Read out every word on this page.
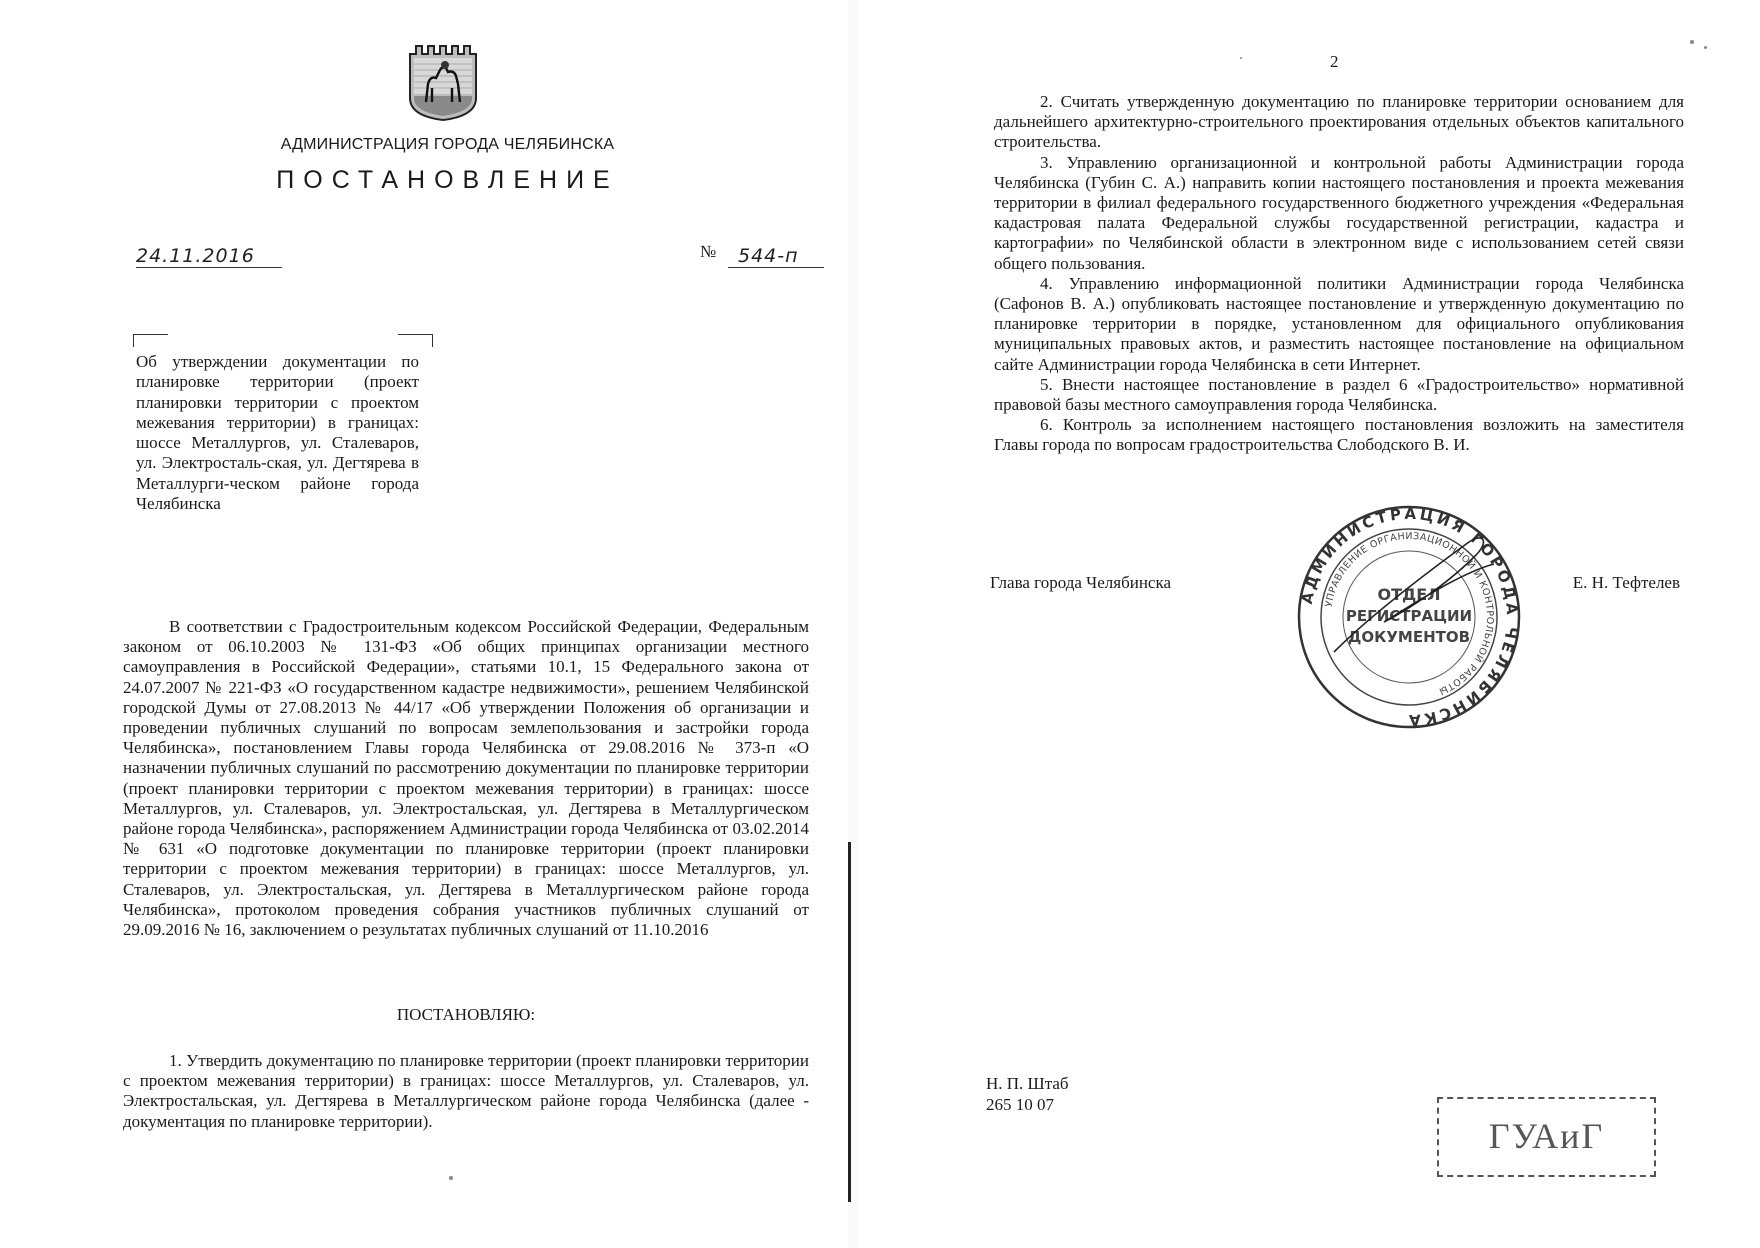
АДМИНИСТРАЦИЯ ГОРОДА ЧЕЛЯБИНСКА
ПОСТАНОВЛЕНИЕ
24.11.2016	№	544-п
Об утверждении документации по планировке территории (проект планировки территории с проектом межевания территории) в границах: шоссе Металлургов, ул. Сталеваров, ул. Электросталь-ская, ул. Дегтярева в Металлурги-ческом районе города Челябинска

В соответствии с Градостроительным кодексом Российской Федерации, Федеральным законом от 06.10.2003 № 131-ФЗ «Об общих принципах организации местного самоуправления в Российской Федерации», статьями 10.1, 15 Федерального закона от 24.07.2007 № 221-ФЗ «О государственном кадастре недвижимости», решением Челябинской городской Думы от 27.08.2013 № 44/17 «Об утверждении Положения об организации и проведении публичных слушаний по вопросам землепользования и застройки города Челябинска», постановлением Главы города Челябинска от 29.08.2016 № 373-п «О назначении публичных слушаний по рассмотрению документации по планировке территории (проект планировки территории с проектом межевания территории) в границах: шоссе Металлургов, ул. Сталеваров, ул. Электростальская, ул. Дегтярева в Металлургическом районе города Челябинска», распоряжением Администрации города Челябинска от 03.02.2014 № 631 «О подготовке документации по планировке территории (проект планировки территории с проектом межевания территории) в границах: шоссе Металлургов, ул. Сталеваров, ул. Электростальская, ул. Дегтярева в Металлургическом районе города Челябинска», протоколом проведения собрания участников публичных слушаний от 29.09.2016 № 16, заключением о результатах публичных слушаний от 11.10.2016

ПОСТАНОВЛЯЮ:

1. Утвердить документацию по планировке территории (проект планировки территории с проектом межевания территории) в границах: шоссе Металлургов, ул. Сталеваров, ул. Электростальская, ул. Дегтярева в Металлургическом районе города Челябинска (далее - документация по планировке территории).

2

2. Считать утвержденную документацию по планировке территории основанием для дальнейшего архитектурно-строительного проектирования отдельных объектов капитального строительства.

3. Управлению организационной и контрольной работы Администрации города Челябинска (Губин С. А.) направить копии настоящего постановления и проекта межевания территории в филиал федерального государственного бюджетного учреждения «Федеральная кадастровая палата Федеральной службы государственной регистрации, кадастра и картографии» по Челябинской области в электронном виде с использованием сетей связи общего пользования.

4. Управлению информационной политики Администрации города Челябинска (Сафонов В. А.) опубликовать настоящее постановление и утвержденную документацию по планировке территории в порядке, установленном для официального опубликования муниципальных правовых актов, и разместить настоящее постановление на официальном сайте Администрации города Челябинска в сети Интернет.

5. Внести настоящее постановление в раздел 6 «Градостроительство» нормативной правовой базы местного самоуправления города Челябинска.

6. Контроль за исполнением настоящего постановления возложить на заместителя Главы города по вопросам градостроительства Слободского В. И.

Глава города Челябинска	Е. Н. Тефтелев
АДМИНИСТРАЦИЯ ГОРОДА ЧЕЛЯБИНСКА
УПРАВЛЕНИЕ ОРГАНИЗАЦИОННОЙ И КОНТРОЛЬНОЙ РАБОТЫ
ОТДЕЛ
РЕГИСТРАЦИИ
ДОКУМЕНТОВ
Н. П. Штаб
265 10 07
ГУАиГ
